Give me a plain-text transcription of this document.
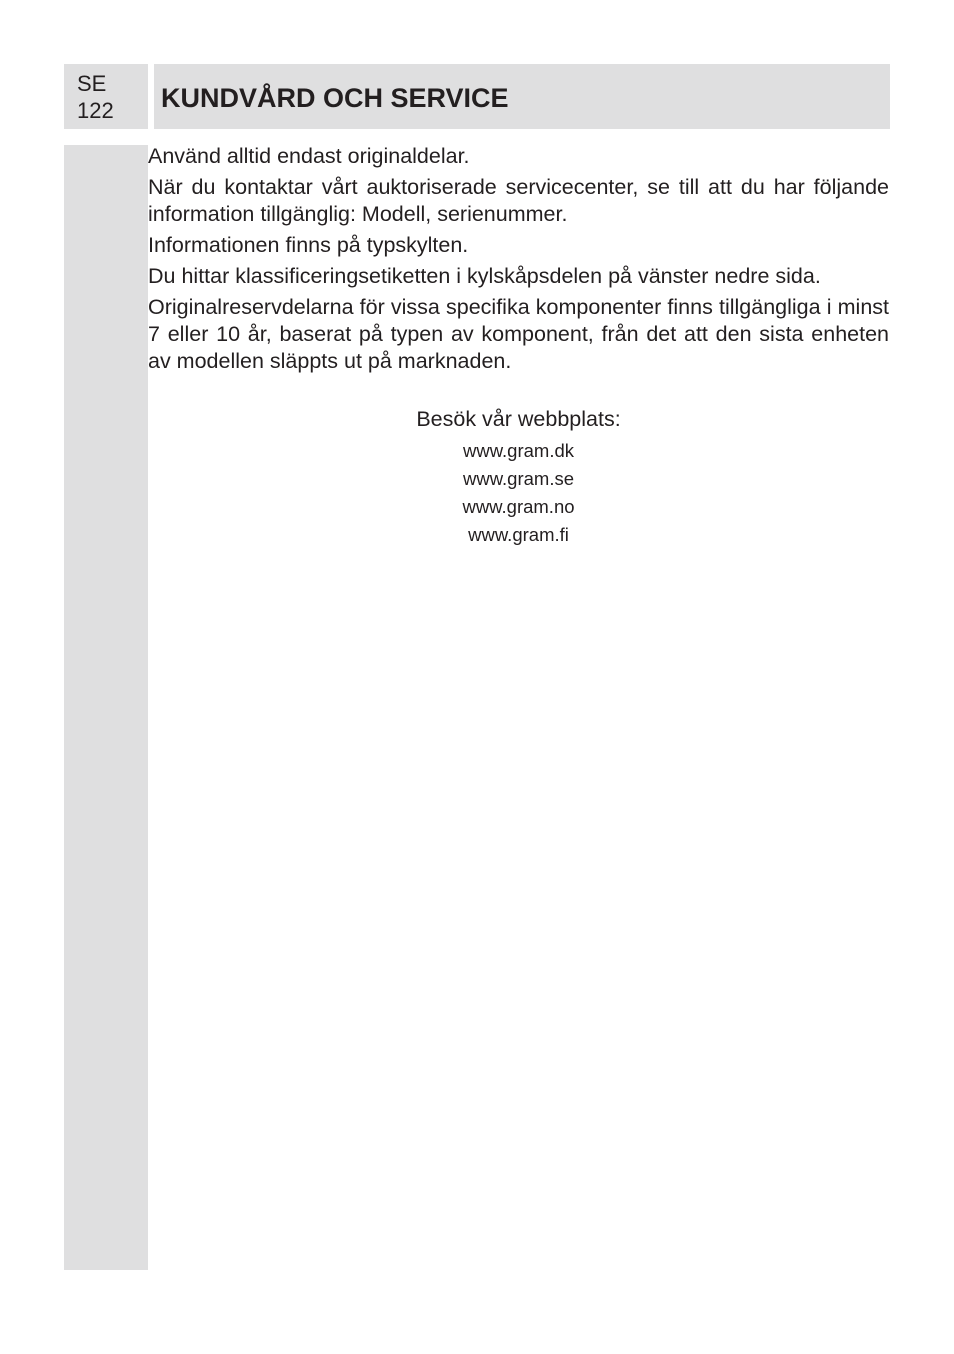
SE
122	KUNDVÅRD OCH SERVICE

Använd alltid endast originaldelar.

När du kontaktar vårt auktoriserade servicecenter, se till att du har följande information tillgänglig: Modell, serienummer.

Informationen finns på typskylten.

Du hittar klassificeringsetiketten i kylskåpsdelen på vänster nedre sida.

Originalreservdelarna för vissa specifika komponenter finns tillgängliga i minst 7 eller 10 år, baserat på typen av komponent, från det att den sista enheten av modellen släppts ut på marknaden.

Besök vår webbplats:

www.gram.dk

www.gram.se

www.gram.no

www.gram.fi
